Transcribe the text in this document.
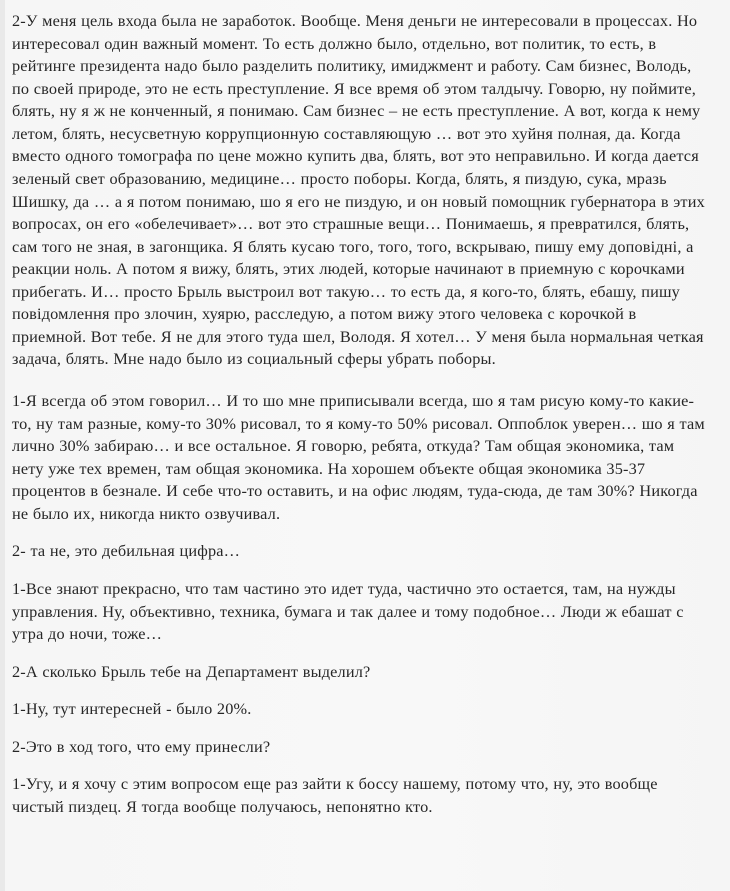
2-У меня цель входа была не заработок. Вообще. Меня деньги не интересовали в процессах. Но интересовал один важный момент. То есть должно было, отдельно, вот политик, то есть, в рейтинге президента надо было разделить политику, имиджмент и работу. Сам бизнес, Володь, по своей природе, это не есть преступление. Я все время об этом талдычу. Говорю, ну поймите, блять, ну я ж не конченный, я понимаю. Сам бизнес – не есть преступление. А вот, когда к нему летом, блять, несусветную коррупционную составляющую … вот это хуйня полная, да. Когда вместо одного томографа по цене можно купить два, блять, вот это неправильно. И когда дается зеленый свет образованию, медицине… просто поборы. Когда, блять, я пиздую, сука, мразь Шишку, да … а я потом понимаю, шо я его не пиздую, и он новый помощник губернатора в этих вопросах, он его «обелечивает»… вот это страшные вещи… Понимаешь, я превратился, блять, сам того не зная, в загонщика. Я блять кусаю того, того, того, вскрываю, пишу ему допoвiднi, а реакции ноль. А потом я вижу, блять, этих людей, которые начинают в приемную с корочками прибегать. И… просто Брыль выстроил вот такую… то есть да, я кого-то, блять, ебашу, пишу повiдомлення про злочин, хуярю, расследую, а потом вижу этого человека с корочкой в приемной. Вот тебе. Я не для этого туда шел, Володя. Я хотел… У меня была нормальная четкая задача, блять. Мне надо было из социальный сферы убрать поборы.

1-Я всегда об этом говорил… И то шо мне приписывали всегда, шо я там рисую кому-то какие-то, ну там разные, кому-то 30% рисовал, то я кому-то 50% рисовал. Оппоблок уверен… шо я там лично 30% забираю… и все остальное. Я говорю, ребята, откуда? Там общая экономика, там нету уже тех времен, там общая экономика. На хорошем объекте общая экономика 35-37 процентов в безнале. И себе что-то оставить, и на офис людям, туда-сюда, де там 30%? Никогда не было их, никогда никто озвучивал.

2- та не, это дебильная цифра…

1-Все знают прекрасно, что там частино это идет туда, частично это остается, там, на нужды управления. Ну, объективно, техника, бумага и так далее и тому подобное… Люди ж ебашат с утра до ночи, тоже…

2-А сколько Брыль тебе на Департамент выделил?

1-Ну, тут интересней - было 20%.

2-Это в ход того, что ему принесли?

1-Угу, и я хочу с этим вопросом еще раз зайти к боссу нашему, потому что, ну, это вообще чистый пиздец. Я тогда вообще получаюсь, непонятно кто.
